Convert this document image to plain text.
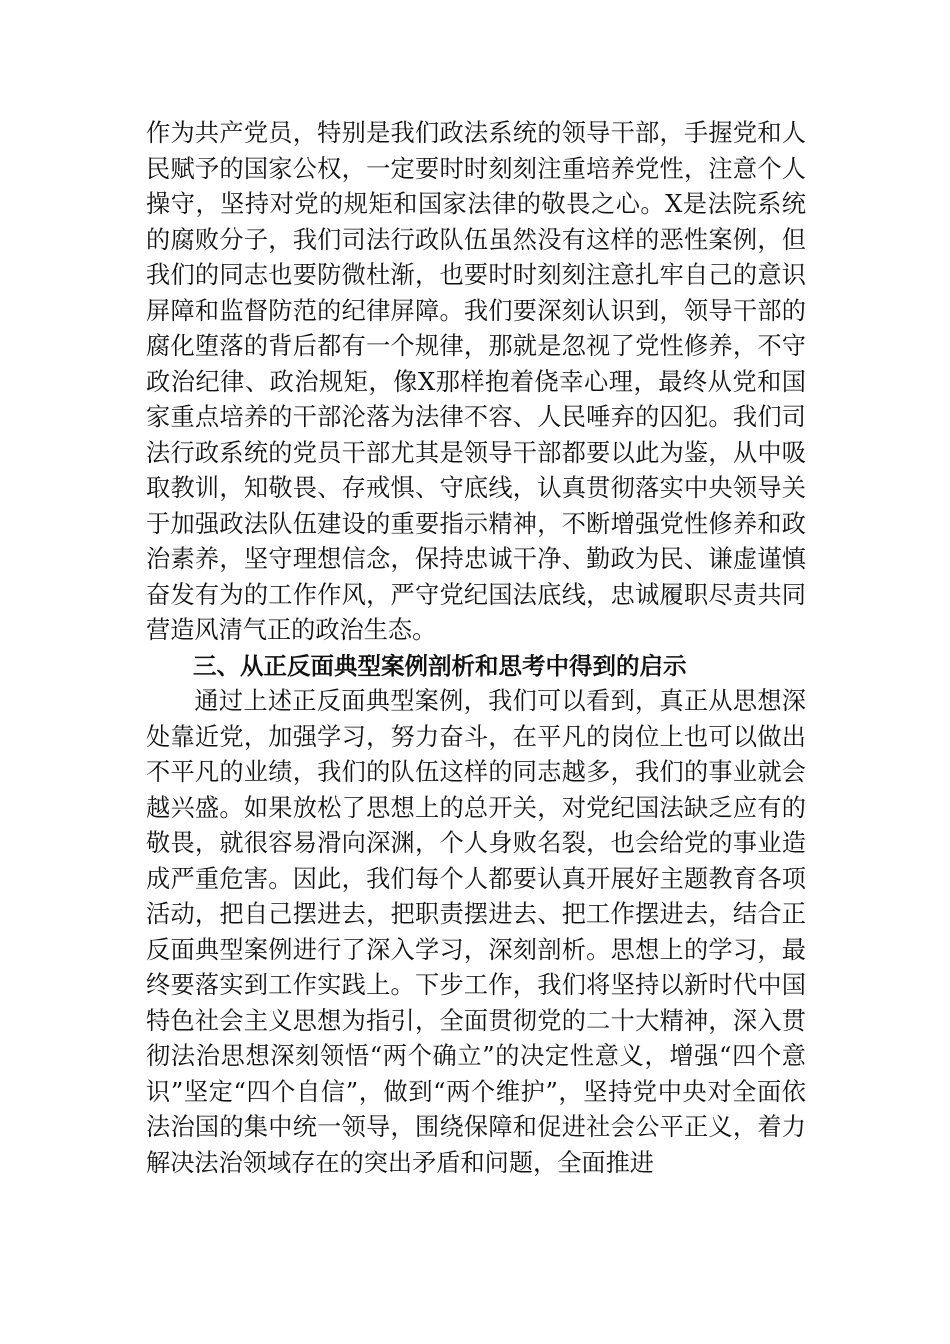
作为共产党员，特别是我们政法系统的领导干部，手握党和人民赋予的国家公权，一定要时时刻刻注重培养党性，注意个人操守，坚持对党的规矩和国家法律的敬畏之心。X是法院系统的腐败分子，我们司法行政队伍虽然没有这样的恶性案例，但我们的同志也要防微杜渐，也要时时刻刻注意扎牢自己的意识屏障和监督防范的纪律屏障。我们要深刻认识到，领导干部的腐化堕落的背后都有一个规律，那就是忽视了党性修养，不守政治纪律、政治规矩，像X那样抱着侥幸心理，最终从党和国家重点培养的干部沦落为法律不容、人民唾弃的囚犯。我们司法行政系统的党员干部尤其是领导干部都要以此为鉴，从中吸取教训，知敬畏、存戒惧、守底线，认真贯彻落实中央领导关于加强政法队伍建设的重要指示精神，不断增强党性修养和政治素养，坚守理想信念，保持忠诚干净、勤政为民、谦虚谨慎奋发有为的工作作风，严守党纪国法底线，忠诚履职尽责共同营造风清气正的政治生态。

三、从正反面典型案例剖析和思考中得到的启示

通过上述正反面典型案例，我们可以看到，真正从思想深处靠近党，加强学习，努力奋斗，在平凡的岗位上也可以做出不平凡的业绩，我们的队伍这样的同志越多，我们的事业就会越兴盛。如果放松了思想上的总开关，对党纪国法缺乏应有的敬畏，就很容易滑向深渊，个人身败名裂，也会给党的事业造成严重危害。因此，我们每个人都要认真开展好主题教育各项活动，把自己摆进去，把职责摆进去、把工作摆进去，结合正反面典型案例进行了深入学习，深刻剖析。思想上的学习，最终要落实到工作实践上。下步工作，我们将坚持以新时代中国特色社会主义思想为指引，全面贯彻党的二十大精神，深入贯彻法治思想深刻领悟“两个确立”的决定性意义，增强“四个意识”坚定“四个自信”，做到“两个维护”，坚持党中央对全面依法治国的集中统一领导，围绕保障和促进社会公平正义，着力解决法治领域存在的突出矛盾和问题，全面推进
